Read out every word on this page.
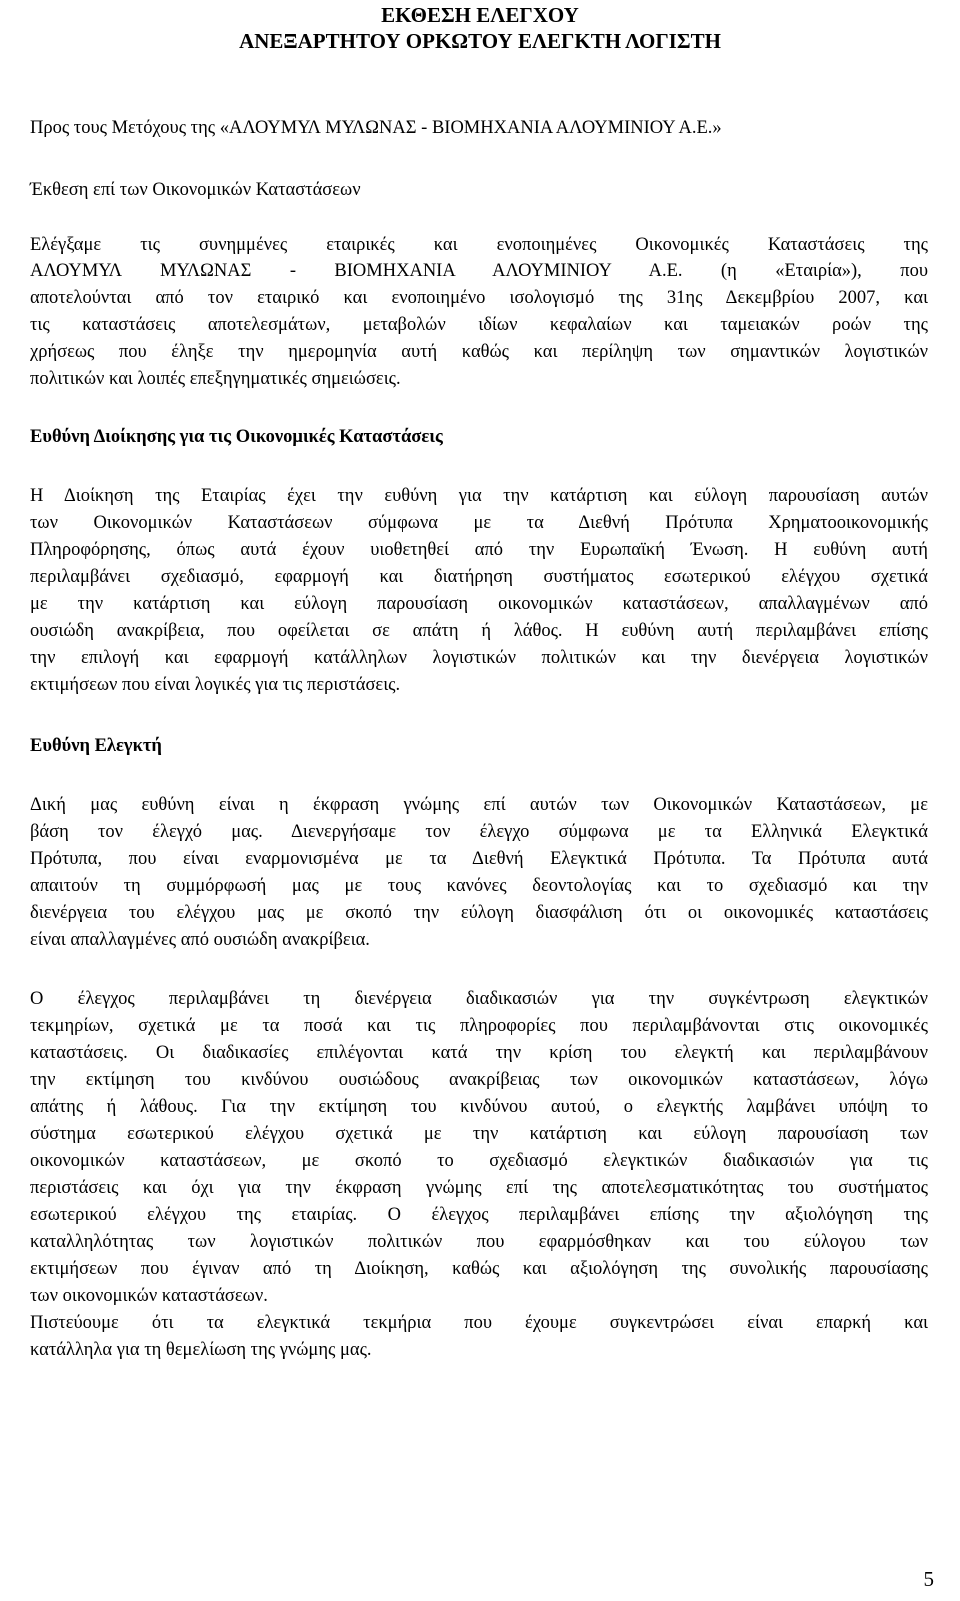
ΕΚΘΕΣΗ ΕΛΕΓΧΟΥ

ΑΝΕΞΑΡΤΗΤΟΥ ΟΡΚΩΤΟΥ ΕΛΕΓΚΤΗ ΛΟΓΙΣΤΗ

Προς τους Μετόχους της «ΑΛΟΥΜΥΛ ΜΥΛΩΝΑΣ - ΒΙΟΜΗΧΑΝΙΑ ΑΛΟΥΜΙΝΙΟΥ Α.Ε.»

Έκθεση επί των Οικονομικών Καταστάσεων

Ελέγξαμε τις συνημμένες εταιρικές και ενοποιημένες Οικονομικές Καταστάσεις της

ΑΛΟΥΜΥΛ ΜΥΛΩΝΑΣ - ΒΙΟΜΗΧΑΝΙΑ ΑΛΟΥΜΙΝΙΟΥ Α.Ε. (η «Εταιρία»), που

αποτελούνται από τον εταιρικό και ενοποιημένο ισολογισμό της 31ης Δεκεμβρίου 2007, και

τις καταστάσεις αποτελεσμάτων, μεταβολών ιδίων κεφαλαίων και ταμειακών ροών της

χρήσεως που έληξε την ημερομηνία αυτή καθώς και περίληψη των σημαντικών λογιστικών

πολιτικών και λοιπές επεξηγηματικές σημειώσεις.

Ευθύνη Διοίκησης για τις Οικονομικές Καταστάσεις

Η Διοίκηση της Εταιρίας έχει την ευθύνη για την κατάρτιση και εύλογη παρουσίαση αυτών

των Οικονομικών Καταστάσεων σύμφωνα με τα Διεθνή Πρότυπα Χρηματοοικονομικής

Πληροφόρησης, όπως αυτά έχουν υιοθετηθεί από την Ευρωπαϊκή Ένωση. Η ευθύνη αυτή

περιλαμβάνει σχεδιασμό, εφαρμογή και διατήρηση συστήματος εσωτερικού ελέγχου σχετικά

με την κατάρτιση και εύλογη παρουσίαση οικονομικών καταστάσεων, απαλλαγμένων από

ουσιώδη ανακρίβεια, που οφείλεται σε απάτη ή λάθος. Η ευθύνη αυτή περιλαμβάνει επίσης

την επιλογή και εφαρμογή κατάλληλων λογιστικών πολιτικών και την διενέργεια λογιστικών

εκτιμήσεων που είναι λογικές για τις περιστάσεις.

Ευθύνη Ελεγκτή

Δική μας ευθύνη είναι η έκφραση γνώμης επί αυτών των Οικονομικών Καταστάσεων, με

βάση τον έλεγχό μας. Διενεργήσαμε τον έλεγχο σύμφωνα με τα Ελληνικά Ελεγκτικά

Πρότυπα, που είναι εναρμονισμένα με τα Διεθνή Ελεγκτικά Πρότυπα. Τα Πρότυπα αυτά

απαιτούν τη συμμόρφωσή μας με τους κανόνες δεοντολογίας και το σχεδιασμό και την

διενέργεια του ελέγχου μας με σκοπό την εύλογη διασφάλιση ότι οι οικονομικές καταστάσεις

είναι απαλλαγμένες από ουσιώδη ανακρίβεια.

Ο έλεγχος περιλαμβάνει τη διενέργεια διαδικασιών για την συγκέντρωση ελεγκτικών

τεκμηρίων, σχετικά με τα ποσά και τις πληροφορίες που περιλαμβάνονται στις οικονομικές

καταστάσεις. Οι διαδικασίες επιλέγονται κατά την κρίση του ελεγκτή και περιλαμβάνουν

την εκτίμηση του κινδύνου ουσιώδους ανακρίβειας των οικονομικών καταστάσεων, λόγω

απάτης ή λάθους. Για την εκτίμηση του κινδύνου αυτού, ο ελεγκτής λαμβάνει υπόψη το

σύστημα εσωτερικού ελέγχου σχετικά με την κατάρτιση και εύλογη παρουσίαση των

οικονομικών καταστάσεων, με σκοπό το σχεδιασμό ελεγκτικών διαδικασιών για τις

περιστάσεις και όχι για την έκφραση γνώμης επί της αποτελεσματικότητας του συστήματος

εσωτερικού ελέγχου της εταιρίας. Ο έλεγχος περιλαμβάνει επίσης την αξιολόγηση της

καταλληλότητας των λογιστικών πολιτικών που εφαρμόσθηκαν και του εύλογου των

εκτιμήσεων που έγιναν από τη Διοίκηση, καθώς και αξιολόγηση της συνολικής παρουσίασης

των οικονομικών καταστάσεων.

Πιστεύουμε ότι τα ελεγκτικά τεκμήρια που έχουμε συγκεντρώσει είναι επαρκή και

κατάλληλα για τη θεμελίωση της γνώμης μας.

5
